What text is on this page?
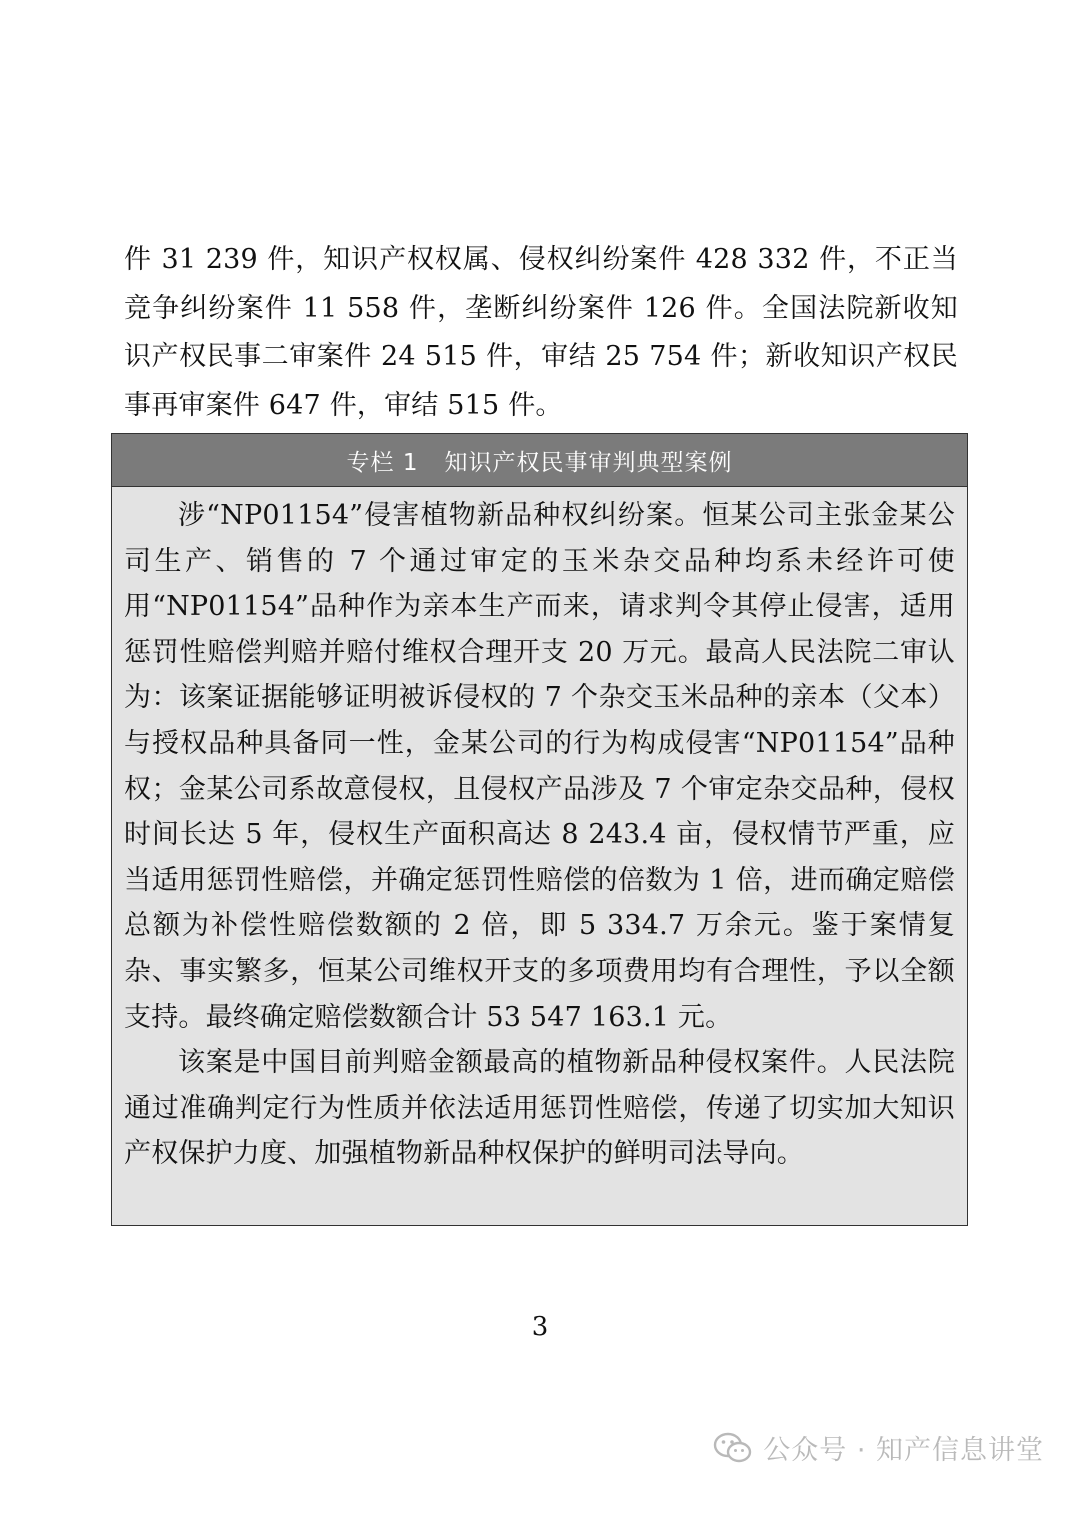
件 31 239 件，知识产权权属、侵权纠纷案件 428 332 件，不正当竞争纠纷案件 11 558 件，垄断纠纷案件 126 件。全国法院新收知识产权民事二审案件 24 515 件，审结 25 754 件；新收知识产权民事再审案件 647 件，审结 515 件。

专栏 1 知识产权民事审判典型案例

涉“NP01154”侵害植物新品种权纠纷案。恒某公司主张金某公司生产、销售的 7 个通过审定的玉米杂交品种均系未经许可使用“NP01154”品种作为亲本生产而来，请求判令其停止侵害，适用惩罚性赔偿判赔并赔付维权合理开支 20 万元。最高人民法院二审认为：该案证据能够证明被诉侵权的 7 个杂交玉米品种的亲本（父本）与授权品种具备同一性，金某公司的行为构成侵害“NP01154”品种权；金某公司系故意侵权，且侵权产品涉及 7 个审定杂交品种，侵权时间长达 5 年，侵权生产面积高达 8 243.4 亩，侵权情节严重，应当适用惩罚性赔偿，并确定惩罚性赔偿的倍数为 1 倍，进而确定赔偿总额为补偿性赔偿数额的 2 倍，即 5 334.7 万余元。鉴于案情复杂、事实繁多，恒某公司维权开支的多项费用均有合理性，予以全额支持。最终确定赔偿数额合计 53 547 163.1 元。

该案是中国目前判赔金额最高的植物新品种侵权案件。人民法院通过准确判定行为性质并依法适用惩罚性赔偿，传递了切实加大知识产权保护力度、加强植物新品种权保护的鲜明司法导向。

3

公众号 · 知产信息讲堂
